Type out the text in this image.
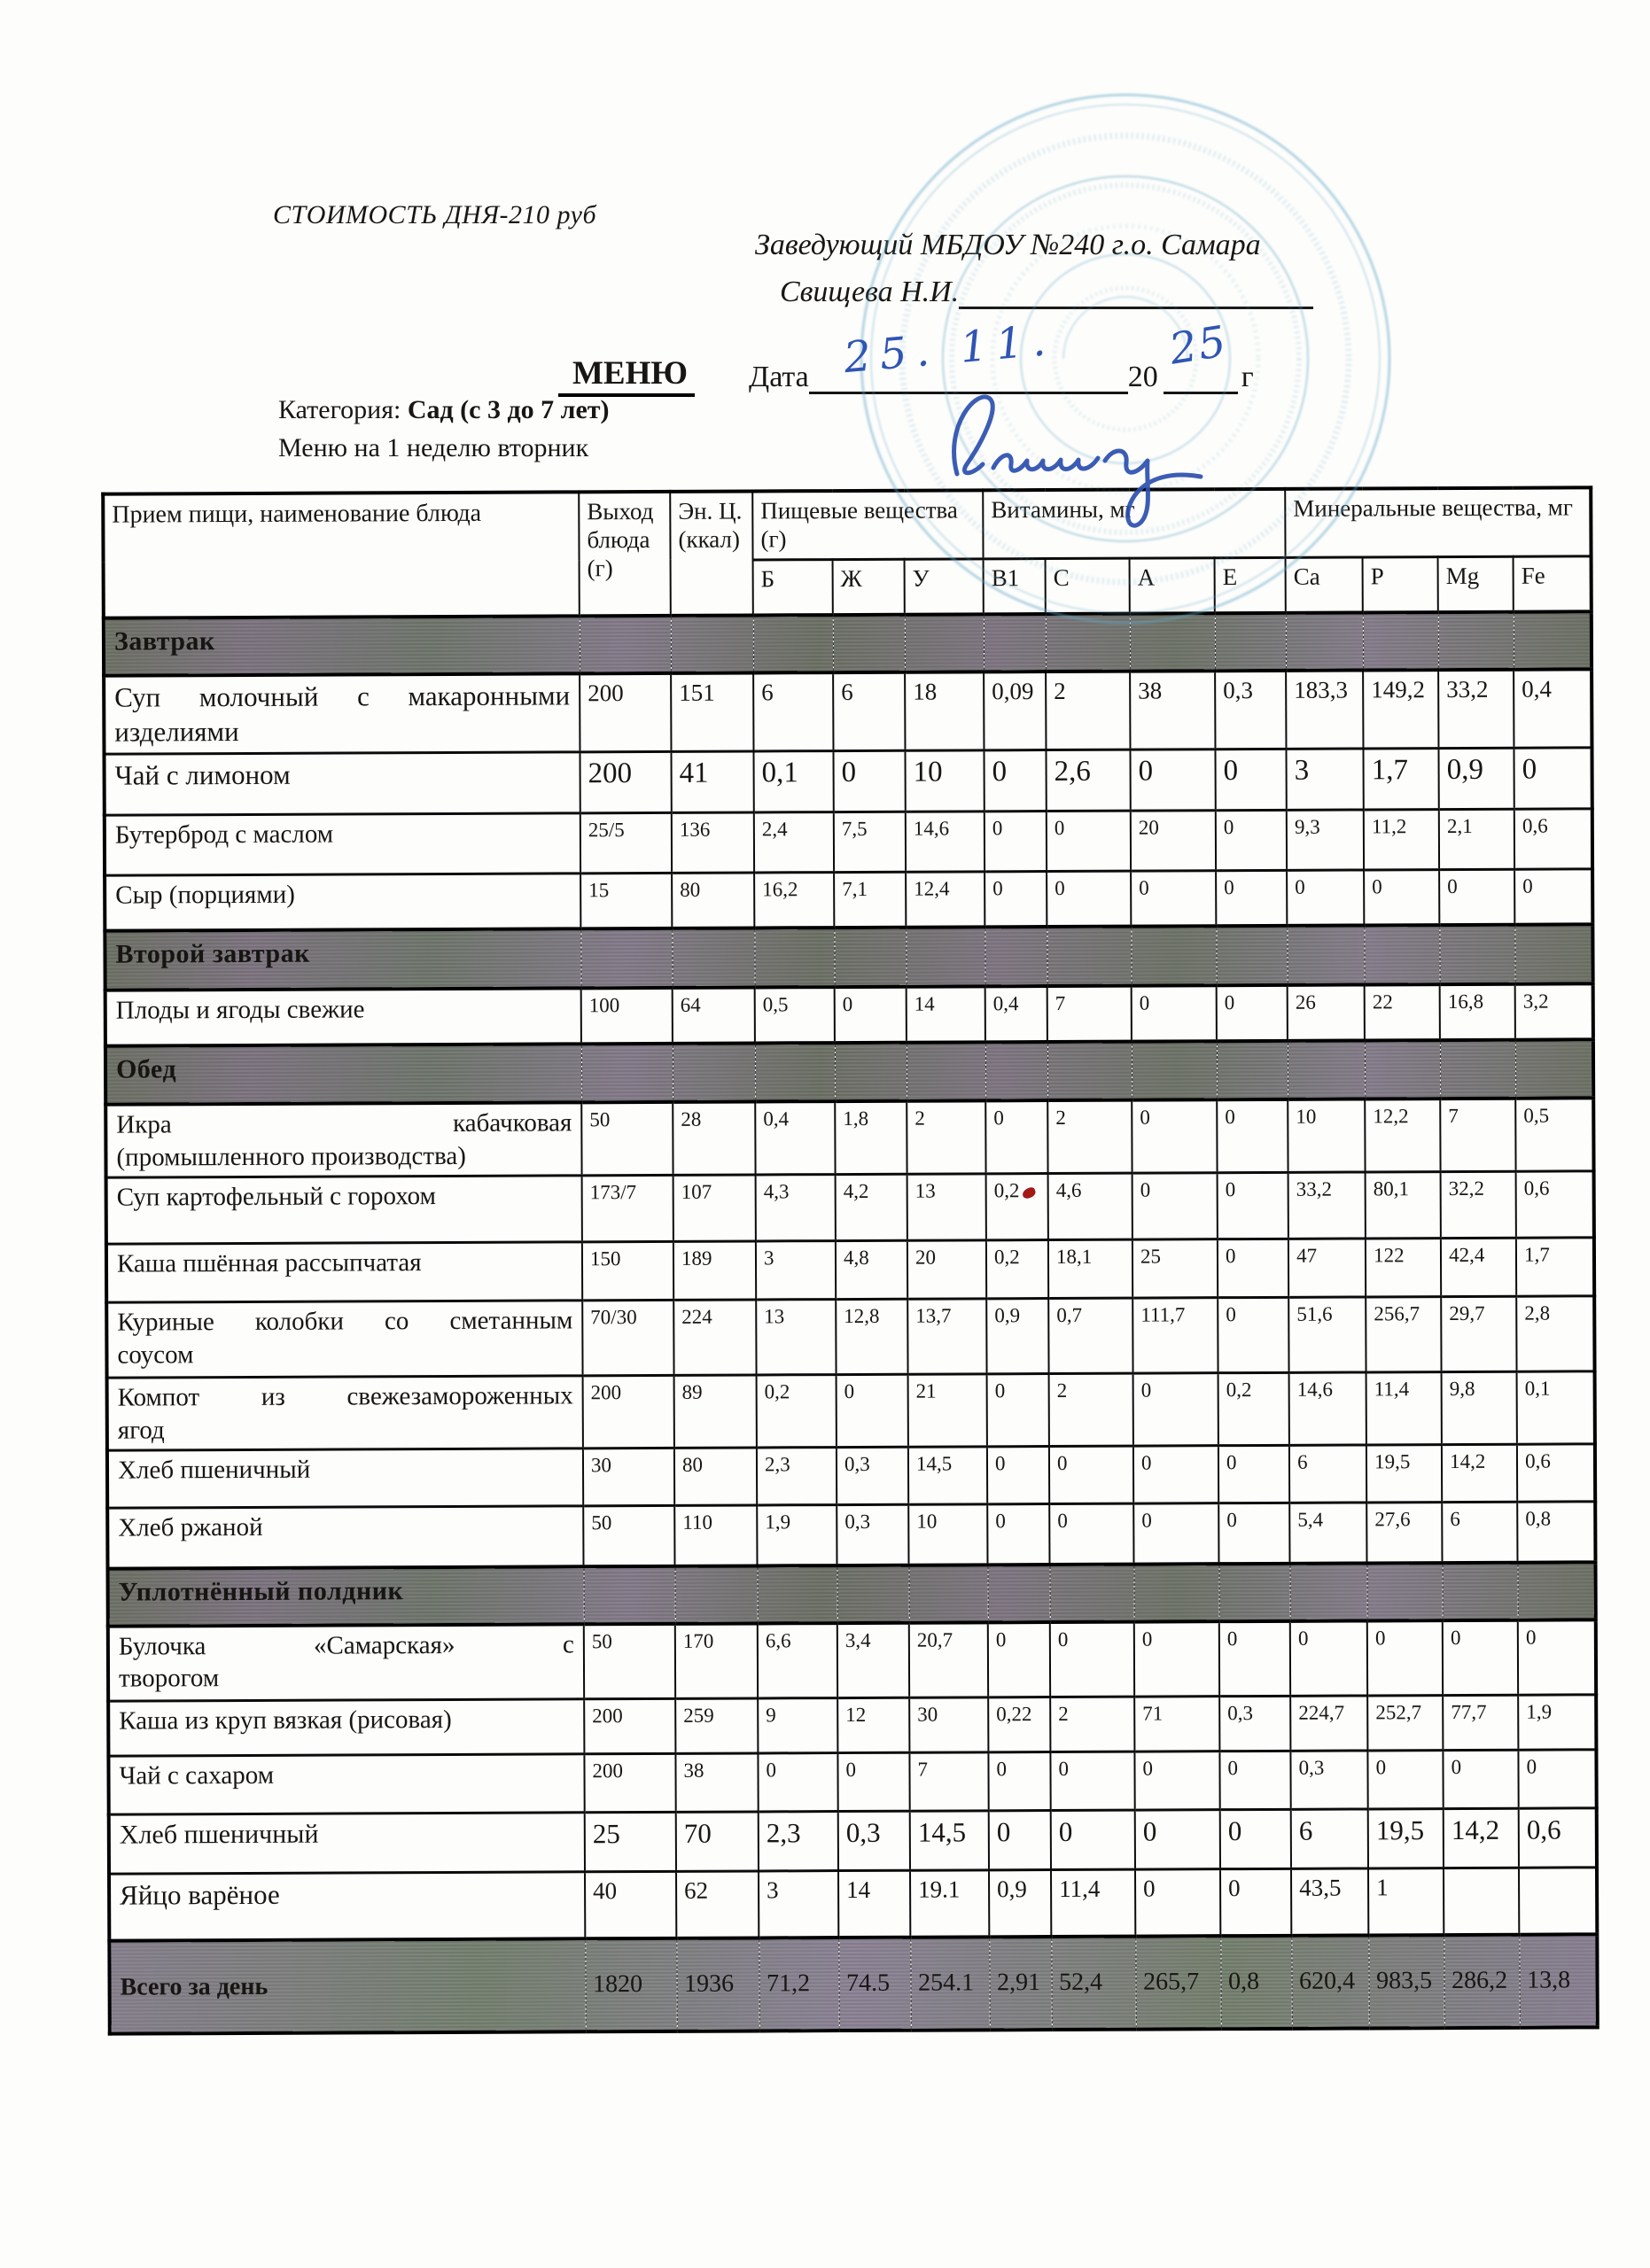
СТОИМОСТЬ ДНЯ-210 руб
Заведующий МБДОУ №240 г.о. Самара
Свищева Н.И.
МЕНЮ Дата	20	г
25. 11.	25
Категория: Сад (с 3 до 7 лет)
Меню на 1 неделю вторник
Прием пищи, наименование блюда	Выход блюда (г)	Эн. Ц. (ккал)	Пищевые вещества (г)			Витамины, мг				Минеральные вещества, мг			
			Б	Ж	У	В1	С	А	Е	Ca	P	Mg	Fe
Завтрак													

Суп молочный с макаронными
изделиями	200	151	6	6	18	0,09	2	38	0,3	183,3	149,2	33,2	0,4

Чай с лимоном	200	41	0,1	0	10	0	2,6	0	0	3	1,7	0,9	0

Бутерброд с маслом	25/5	136	2,4	7,5	14,6	0	0	20	0	9,3	11,2	2,1	0,6

Сыр (порциями)	15	80	16,2	7,1	12,4	0	0	0	0	0	0	0	0
Второй завтрак													

Плоды и ягоды свежие	100	64	0,5	0	14	0,4	7	0	0	26	22	16,8	3,2
Обед													

Икра кабачковая
(промышленного производства)	50	28	0,4	1,8	2	0	2	0	0	10	12,2	7	0,5

Суп картофельный с горохом	173/7	107	4,3	4,2	13	0,2	4,6	0	0	33,2	80,1	32,2	0,6

Каша пшённая рассыпчатая	150	189	3	4,8	20	0,2	18,1	25	0	47	122	42,4	1,7

Куриные колобки со сметанным
соусом	70/30	224	13	12,8	13,7	0,9	0,7	111,7	0	51,6	256,7	29,7	2,8

Компот из свежезамороженных
ягод	200	89	0,2	0	21	0	2	0	0,2	14,6	11,4	9,8	0,1

Хлеб пшеничный	30	80	2,3	0,3	14,5	0	0	0	0	6	19,5	14,2	0,6

Хлеб ржаной	50	110	1,9	0,3	10	0	0	0	0	5,4	27,6	6	0,8
Уплотнённый полдник													

Булочка «Самарская» с
творогом	50	170	6,6	3,4	20,7	0	0	0	0	0	0	0	0

Каша из круп вязкая (рисовая)	200	259	9	12	30	0,22	2	71	0,3	224,7	252,7	77,7	1,9

Чай с сахаром	200	38	0	0	7	0	0	0	0	0,3	0	0	0

Хлеб пшеничный	25	70	2,3	0,3	14,5	0	0	0	0	6	19,5	14,2	0,6

Яйцо варёное	40	62	3	14	19.1	0,9	11,4	0	0	43,5	1		

Всего за день	1820	1936	71,2	74.5	254.1	2,91	52,4	265,7	0,8	620,4	983,5	286,2	13,8
